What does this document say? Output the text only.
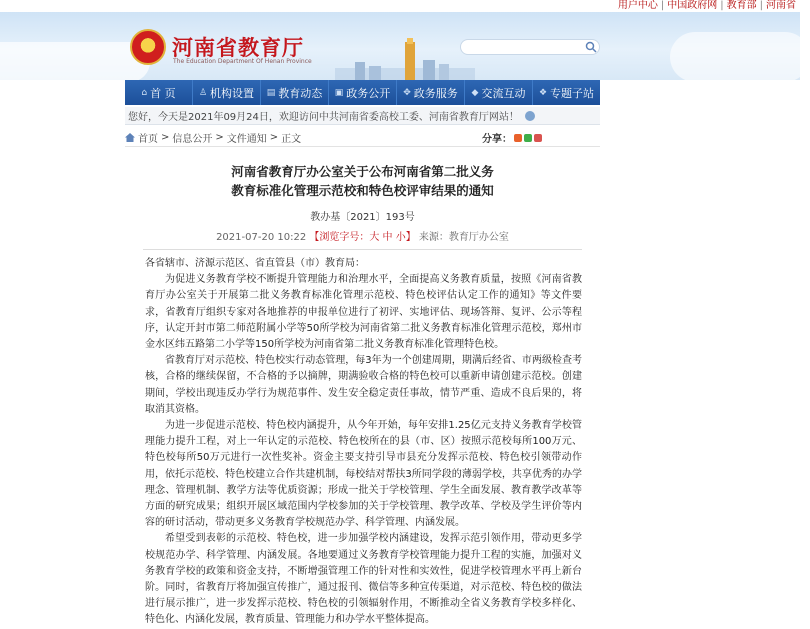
用户中心 | 中国政府网 | 教育部 | 河南省
河南省教育厅
The Education Department Of Henan Province
⌂ 首 页	♙ 机构设置 ▤ 教育动态 ▣ 政务公开 ✥ 政务服务 ◆ 交流互动 ❖ 专题子站
您好，今天是2021年09月24日，欢迎访问中共河南省委高校工委、河南省教育厅网站！
首页 > 信息公开 > 文件通知 > 正文	分享：
河南省教育厅办公室关于公布河南省第二批义务
教育标准化管理示范校和特色校评审结果的通知
教办基〔2021〕193号
2021-07-20 10:22 【浏览字号：大 中 小】 来源：教育厅办公室

各省辖市、济源示范区、省直管县（市）教育局：

为促进义务教育学校不断提升管理能力和治理水平，全面提高义务教育质量，按照《河南省教育厅办公室关于开展第二批义务教育标准化管理示范校、特色校评估认定工作的通知》等文件要求，省教育厅组织专家对各地推荐的申报单位进行了初评、实地评估、现场答辩、复评、公示等程序，认定开封市第二师范附属小学等50所学校为河南省第二批义务教育标准化管理示范校，郑州市金水区纬五路第二小学等150所学校为河南省第二批义务教育标准化管理特色校。

省教育厅对示范校、特色校实行动态管理，每3年为一个创建周期，期满后经省、市两级检查考核，合格的继续保留，不合格的予以摘牌，期满验收合格的特色校可以重新申请创建示范校。创建期间，学校出现违反办学行为规范事件、发生安全稳定责任事故，情节严重、造成不良后果的，将取消其资格。

为进一步促进示范校、特色校内涵提升，从今年开始，每年安排1.25亿元支持义务教育学校管理能力提升工程，对上一年认定的示范校、特色校所在的县（市、区）按照示范校每所100万元、特色校每所50万元进行一次性奖补。资金主要支持引导市县充分发挥示范校、特色校引领带动作用，依托示范校、特色校建立合作共建机制，每校结对帮扶3所同学段的薄弱学校，共享优秀的办学理念、管理机制、教学方法等优质资源；形成一批关于学校管理、学生全面发展、教育教学改革等方面的研究成果；组织开展区域范围内学校参加的关于学校管理、教学改革、学校及学生评价等内容的研讨活动，带动更多义务教育学校规范办学、科学管理、内涵发展。

希望受到表彰的示范校、特色校，进一步加强学校内涵建设，发挥示范引领作用，带动更多学校规范办学、科学管理、内涵发展。各地要通过义务教育学校管理能力提升工程的实施，加强对义务教育学校的政策和资金支持，不断增强管理工作的针对性和实效性，促进学校管理水平再上新台阶。同时，省教育厅将加强宣传推广，通过报刊、微信等多种宣传渠道，对示范校、特色校的做法进行展示推广，进一步发挥示范校、特色校的引领辐射作用，不断推动全省义务教育学校多样化、特色化、内涵化发展，教育质量、管理能力和办学水平整体提高。
